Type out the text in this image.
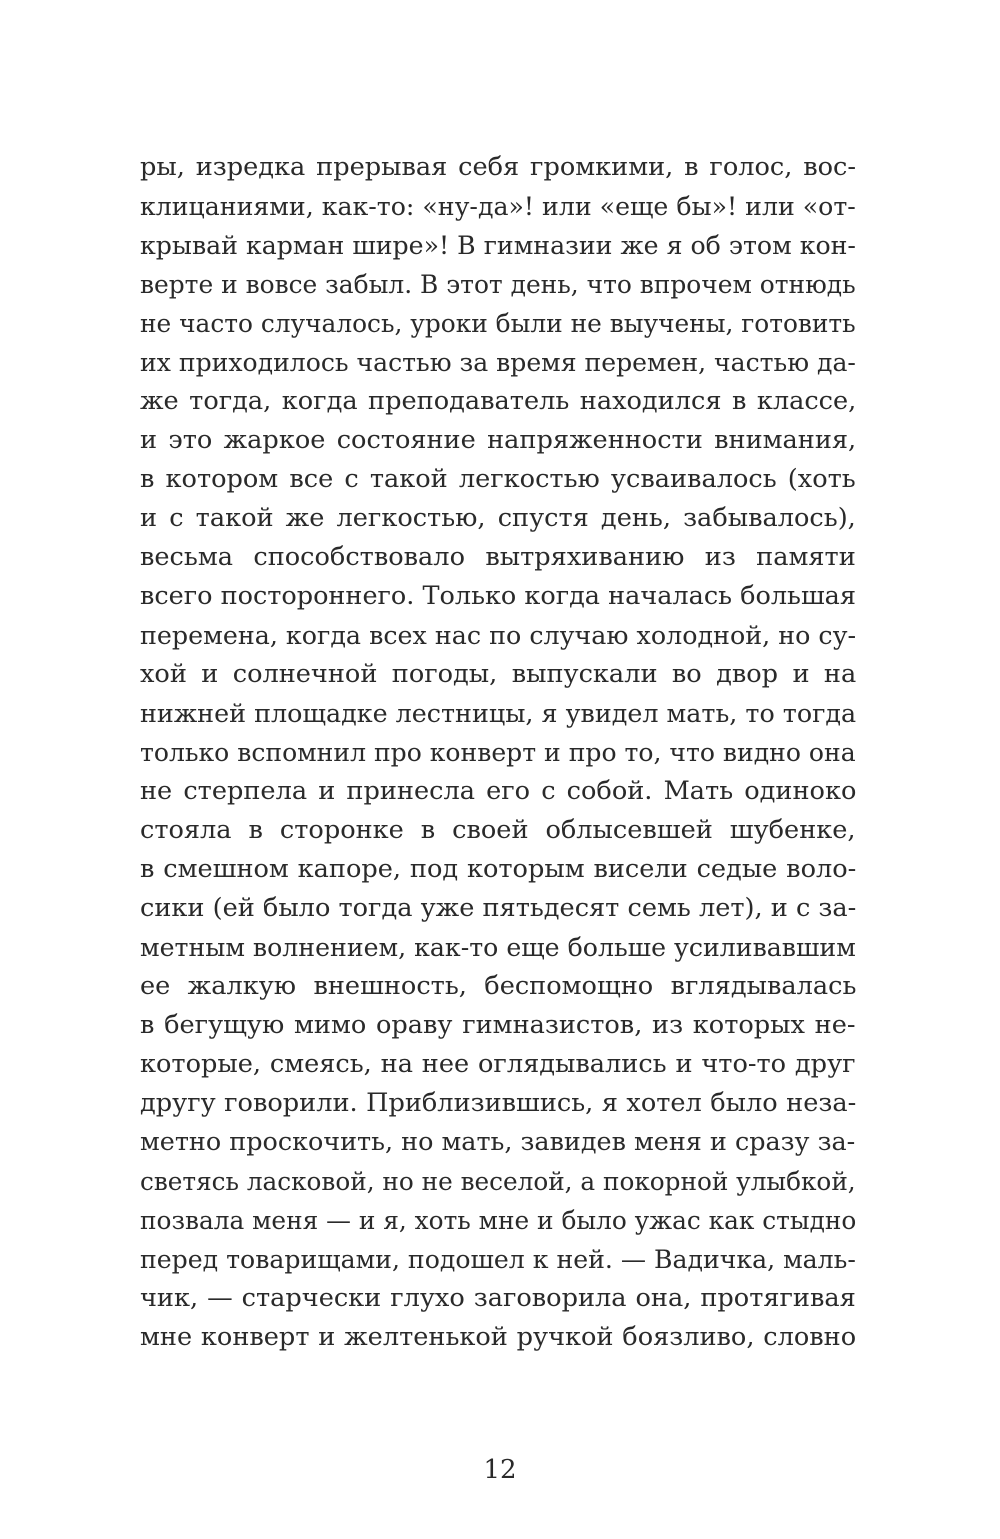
ры, изредка прерывая себя громкими, в голос, вос-
клицаниями, как-то: «ну-да»! или «еще бы»! или «от-
крывай карман шире»! В гимназии же я об этом кон-
верте и вовсе забыл. В этот день, что впрочем отнюдь
не часто случалось, уроки были не выучены, готовить
их приходилось частью за время перемен, частью да-
же тогда, когда преподаватель находился в классе,
и это жаркое состояние напряженности внимания,
в котором все с такой легкостью усваивалось (хоть
и с такой же легкостью, спустя день, забывалось),
весьма способствовало вытряхиванию из памяти
всего постороннего. Только когда началась большая
перемена, когда всех нас по случаю холодной, но су-
хой и солнечной погоды, выпускали во двор и на
нижней площадке лестницы, я увидел мать, то тогда
только вспомнил про конверт и про то, что видно она
не стерпела и принесла его с собой. Мать одиноко
стояла в сторонке в своей облысевшей шубенке,
в смешном капоре, под которым висели седые воло-
сики (ей было тогда уже пятьдесят семь лет), и с за-
метным волнением, как-то еще больше усиливавшим
ее жалкую внешность, беспомощно вглядывалась
в бегущую мимо ораву гимназистов, из которых не-
которые, смеясь, на нее оглядывались и что-то друг
другу говорили. Приблизившись, я хотел было неза-
метно проскочить, но мать, завидев меня и сразу за-
светясь ласковой, но не веселой, а покорной улыбкой,
позвала меня — и я, хоть мне и было ужас как стыдно
перед товарищами, подошел к ней. — Вадичка, маль-
чик, — старчески глухо заговорила она, протягивая
мне конверт и желтенькой ручкой боязливо, словно
12
